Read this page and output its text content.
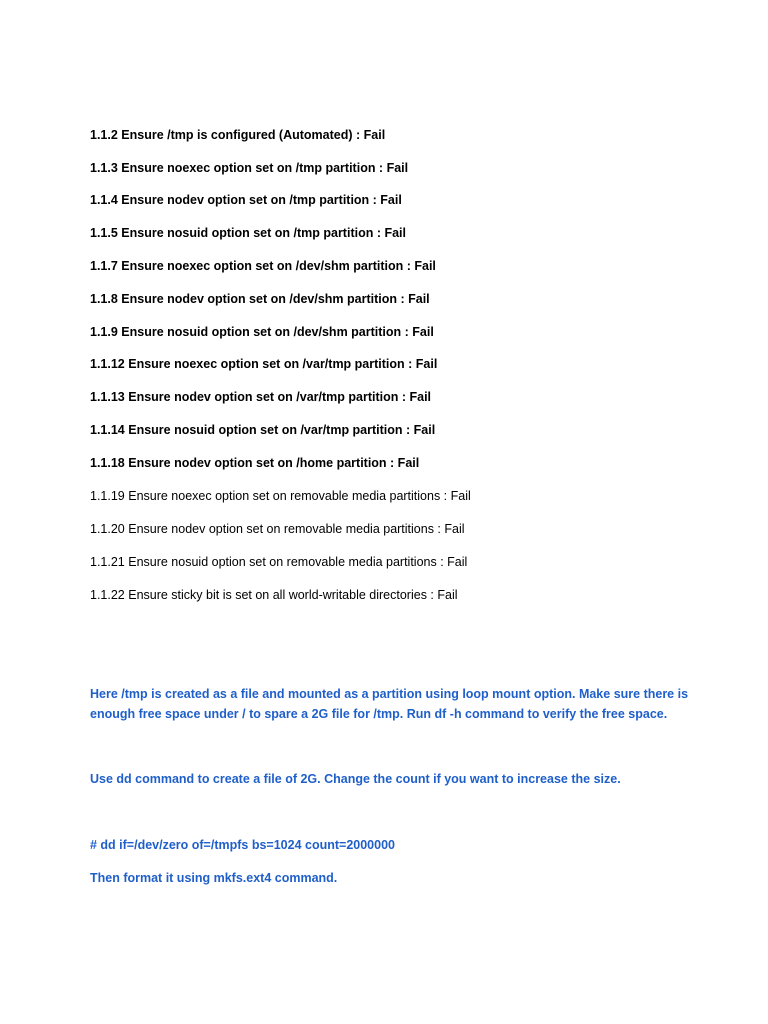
1.1.2 Ensure /tmp is configured (Automated) : Fail
1.1.3 Ensure noexec option set on /tmp partition : Fail
1.1.4 Ensure nodev option set on /tmp partition : Fail
1.1.5 Ensure nosuid option set on /tmp partition : Fail
1.1.7 Ensure noexec option set on /dev/shm partition : Fail
1.1.8 Ensure nodev option set on /dev/shm partition : Fail
1.1.9 Ensure nosuid option set on /dev/shm partition : Fail
1.1.12 Ensure noexec option set on /var/tmp partition : Fail
1.1.13 Ensure nodev option set on /var/tmp partition : Fail
1.1.14 Ensure nosuid option set on /var/tmp partition : Fail
1.1.18 Ensure nodev option set on /home partition : Fail
1.1.19 Ensure noexec option set on removable media partitions : Fail
1.1.20 Ensure nodev option set on removable media partitions : Fail
1.1.21 Ensure nosuid option set on removable media partitions : Fail
1.1.22 Ensure sticky bit is set on all world-writable directories : Fail
Here /tmp is created as a file and mounted as a partition using loop mount option. Make sure there is enough free space under / to spare a 2G file for /tmp. Run df -h command to verify the free space.
Use dd command to create a file of 2G. Change the count if you want to increase the size.
# dd if=/dev/zero of=/tmpfs bs=1024 count=2000000
Then format it using mkfs.ext4 command.
